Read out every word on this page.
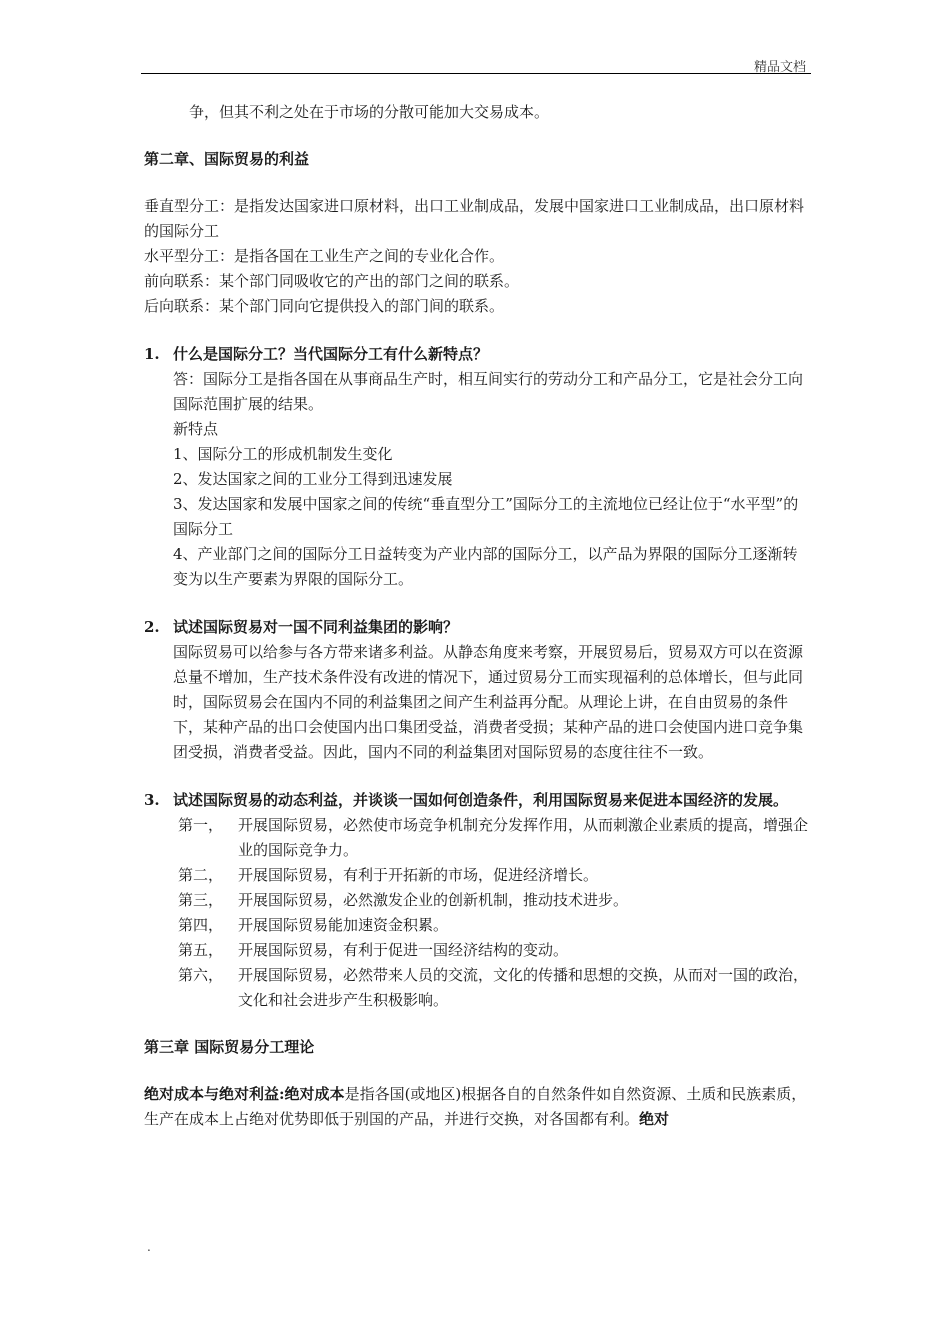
精品文档

争，但其不利之处在于市场的分散可能加大交易成本。

第二章、国际贸易的利益

垂直型分工：是指发达国家进口原材料，出口工业制成品，发展中国家进口工业制成品，出口原材料的国际分工

水平型分工：是指各国在工业生产之间的专业化合作。

前向联系：某个部门同吸收它的产出的部门之间的联系。

后向联系：某个部门同向它提供投入的部门间的联系。

1. 什么是国际分工？当代国际分工有什么新特点？

答：国际分工是指各国在从事商品生产时，相互间实行的劳动分工和产品分工，它是社会分工向国际范围扩展的结果。

新特点

1、国际分工的形成机制发生变化

2、发达国家之间的工业分工得到迅速发展

3、发达国家和发展中国家之间的传统“垂直型分工”国际分工的主流地位已经让位于“水平型”的国际分工

4、产业部门之间的国际分工日益转变为产业内部的国际分工，以产品为界限的国际分工逐渐转变为以生产要素为界限的国际分工。

2. 试述国际贸易对一国不同利益集团的影响？

国际贸易可以给参与各方带来诸多利益。从静态角度来考察，开展贸易后，贸易双方可以在资源总量不增加，生产技术条件没有改进的情况下，通过贸易分工而实现福利的总体增长，但与此同时，国际贸易会在国内不同的利益集团之间产生利益再分配。从理论上讲，在自由贸易的条件下，某种产品的出口会使国内出口集团受益，消费者受损；某种产品的进口会使国内进口竞争集团受损，消费者受益。因此，国内不同的利益集团对国际贸易的态度往往不一致。

3. 试述国际贸易的动态利益，并谈谈一国如何创造条件，利用国际贸易来促进本国经济的发展。
第一， 开展国际贸易，必然使市场竞争机制充分发挥作用，从而刺激企业素质的提高，增强企业的国际竞争力。
第二， 开展国际贸易，有利于开拓新的市场，促进经济增长。
第三， 开展国际贸易，必然激发企业的创新机制，推动技术进步。
第四， 开展国际贸易能加速资金积累。
第五， 开展国际贸易，有利于促进一国经济结构的变动。
第六， 开展国际贸易，必然带来人员的交流，文化的传播和思想的交换，从而对一国的政治，文化和社会进步产生积极影响。

第三章 国际贸易分工理论

绝对成本与绝对利益:绝对成本是指各国(或地区)根据各自的自然条件如自然资源、土质和民族素质，生产在成本上占绝对优势即低于别国的产品，并进行交换，对各国都有利。绝对

.
